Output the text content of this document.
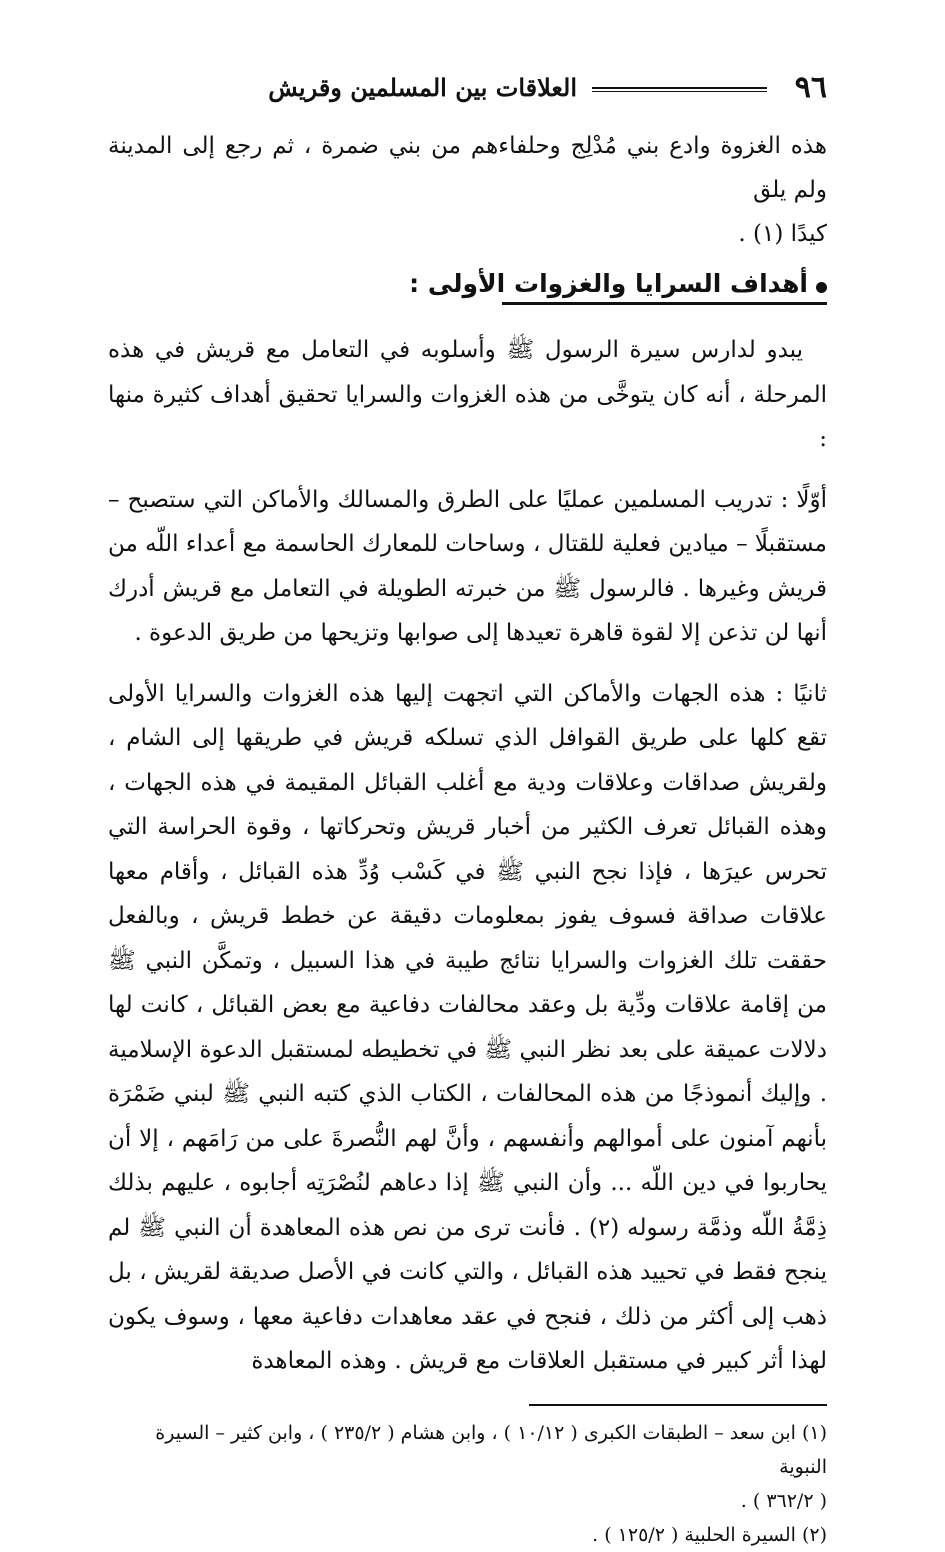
٩٦
العلاقات بين المسلمين وقريش

هذه الغزوة وادع بني مُدْلِج وحلفاءهم من بني ضمرة ، ثم رجع إلى المدينة ولم يلق

كيدًا (١) .

أهداف السرايا والغزوات الأولى :

يبدو لدارس سيرة الرسول ﷺ وأسلوبه في التعامل مع قريش في هذه المرحلة ، أنه كان يتوخَّى من هذه الغزوات والسرايا تحقيق أهداف كثيرة منها :

أوّلًا : تدريب المسلمين عمليًا على الطرق والمسالك والأماكن التي ستصبح – مستقبلًا – ميادين فعلية للقتال ، وساحات للمعارك الحاسمة مع أعداء اللّه من قريش وغيرها . فالرسول ﷺ من خبرته الطويلة في التعامل مع قريش أدرك أنها لن تذعن إلا لقوة قاهرة تعيدها إلى صوابها وتزيحها من طريق الدعوة .

ثانيًا : هذه الجهات والأماكن التي اتجهت إليها هذه الغزوات والسرايا الأولى تقع كلها على طريق القوافل الذي تسلكه قريش في طريقها إلى الشام ، ولقريش صداقات وعلاقات ودية مع أغلب القبائل المقيمة في هذه الجهات ، وهذه القبائل تعرف الكثير من أخبار قريش وتحركاتها ، وقوة الحراسة التي تحرس عيرَها ، فإذا نجح النبي ﷺ في كَسْب وُدِّ هذه القبائل ، وأقام معها علاقات صداقة فسوف يفوز بمعلومات دقيقة عن خطط قريش ، وبالفعل حققت تلك الغزوات والسرايا نتائج طيبة في هذا السبيل ، وتمكَّن النبي ﷺ من إقامة علاقات ودِّية بل وعقد محالفات دفاعية مع بعض القبائل ، كانت لها دلالات عميقة على بعد نظر النبي ﷺ في تخطيطه لمستقبل الدعوة الإسلامية . وإليك أنموذجًا من هذه المحالفات ، الكتاب الذي كتبه النبي ﷺ لبني ضَمْرَة بأنهم آمنون على أموالهم وأنفسهم ، وأنَّ لهم النُّصرةَ على من رَامَهم ، إلا أن يحاربوا في دين اللّه ... وأن النبي ﷺ إذا دعاهم لنُصْرَتِه أجابوه ، عليهم بذلك ذِمَّةُ اللّه وذمَّة رسوله (٢) . فأنت ترى من نص هذه المعاهدة أن النبي ﷺ لم ينجح فقط في تحييد هذه القبائل ، والتي كانت في الأصل صديقة لقريش ، بل ذهب إلى أكثر من ذلك ، فنجح في عقد معاهدات دفاعية معها ، وسوف يكون لهذا أثر كبير في مستقبل العلاقات مع قريش . وهذه المعاهدة

(١) ابن سعد – الطبقات الكبرى ( ١٠/١٢ ) ، وابن هشام ( ٢٣٥/٢ ) ، وابن كثير – السيرة النبوية

( ٣٦٢/٢ ) .

(٢) السيرة الحلبية ( ١٢٥/٢ ) .
